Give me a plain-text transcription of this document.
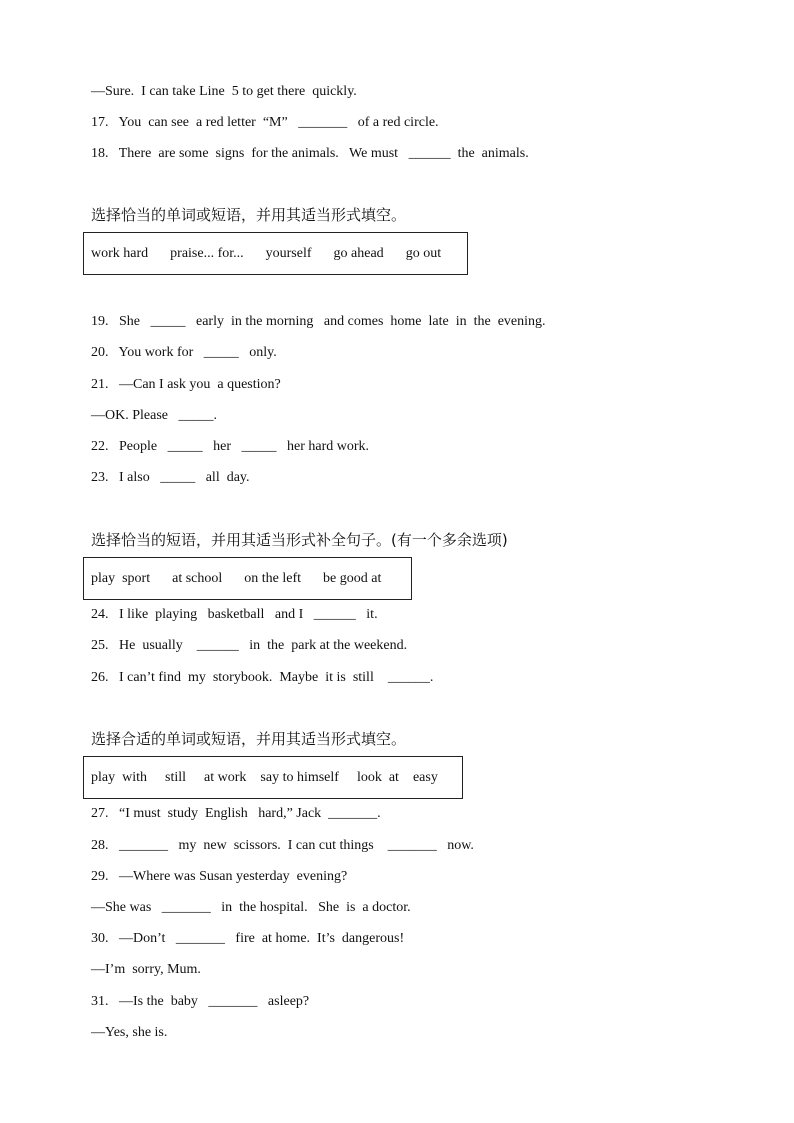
—Sure.  I can take Line  5 to get there  quickly.
17.   You  can see  a red letter  “M”   _______   of a red circle.
18.   There  are some  signs  for the animals.   We must   ______  the  animals.
选择恰当的单词或短语，并用其适当形式填空。
work hard praise... for... yourself go ahead go out
19.   She   _____   early  in the morning   and comes  home  late  in  the  evening.
20.   You work for   _____   only.
21.   —Can I ask you  a question?
—OK. Please   _____.
22.   People   _____   her   _____   her hard work.
23.   I also   _____   all  day.
选择恰当的短语，并用其适当形式补全句子。(有一个多余选项)
play  sport at school on the left be good at
24.   I like  playing   basketball   and I   ______   it.
25.   He  usually    ______   in  the  park at the weekend.
26.   I can’t find  my  storybook.  Maybe  it is  still    ______.
选择合适的单词或短语，并用其适当形式填空。
play  with still at work say to himself look  at easy
27.   “I must  study  English   hard,” Jack  _______.
28.   _______   my  new  scissors.  I can cut things    _______   now.
29.   —Where was Susan yesterday  evening?
—She was   _______   in  the hospital.   She  is  a doctor.
30.   —Don’t   _______   fire  at home.  It’s  dangerous!
—I’m  sorry, Mum.
31.   —Is the  baby   _______   asleep?
—Yes, she is.
